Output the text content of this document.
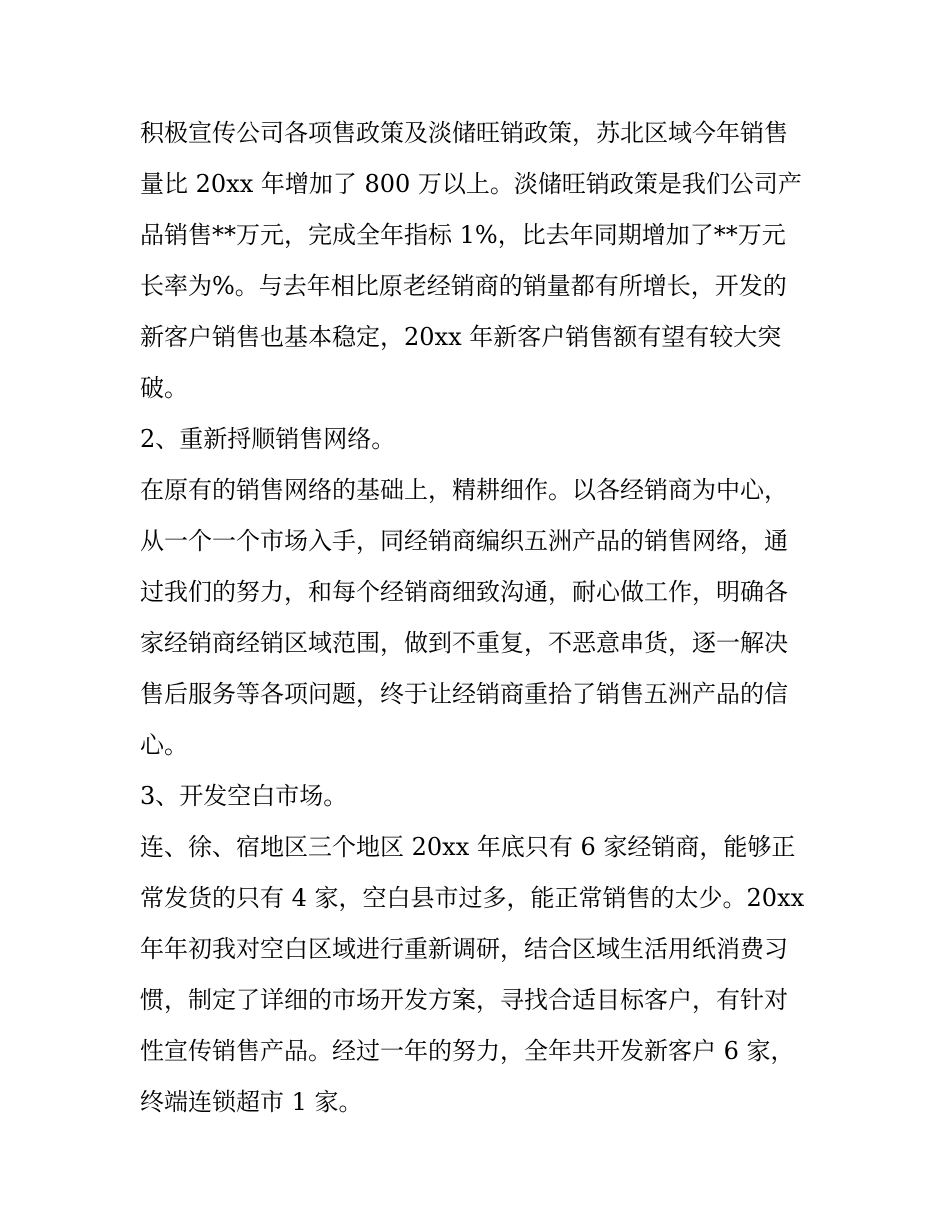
积极宣传公司各项售政策及淡储旺销政策，苏北区域今年销售
量比 20xx 年增加了 800 万以上。淡储旺销政策是我们公司产
品销售**万元，完成全年指标 1%，比去年同期增加了**万元
长率为%。与去年相比原老经销商的销量都有所增长，开发的
新客户销售也基本稳定，20xx 年新客户销售额有望有较大突
破。
2、重新捋顺销售网络。
在原有的销售网络的基础上，精耕细作。以各经销商为中心，
从一个一个市场入手，同经销商编织五洲产品的销售网络，通
过我们的努力，和每个经销商细致沟通，耐心做工作，明确各
家经销商经销区域范围，做到不重复，不恶意串货，逐一解决
售后服务等各项问题，终于让经销商重拾了销售五洲产品的信
心。
3、开发空白市场。
连、徐、宿地区三个地区 20xx 年底只有 6 家经销商，能够正
常发货的只有 4 家，空白县市过多，能正常销售的太少。20xx
年年初我对空白区域进行重新调研，结合区域生活用纸消费习
惯，制定了详细的市场开发方案，寻找合适目标客户，有针对
性宣传销售产品。经过一年的努力，全年共开发新客户 6 家，
终端连锁超市 1 家。
